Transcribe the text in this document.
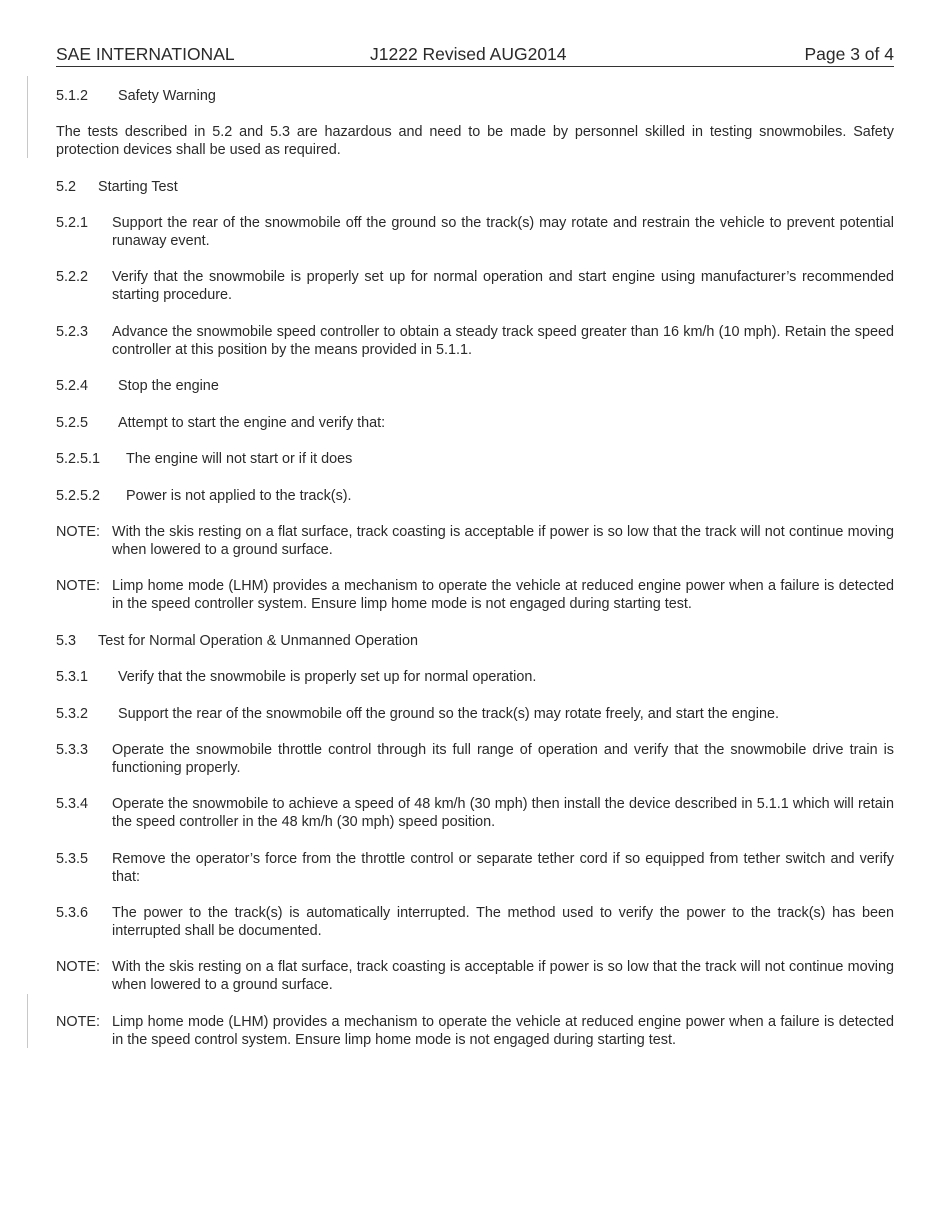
SAE INTERNATIONAL	J1222 Revised AUG2014	Page 3 of 4
5.1.2 Safety Warning
The tests described in 5.2 and 5.3 are hazardous and need to be made by personnel skilled in testing snowmobiles. Safety protection devices shall be used as required.
5.2 Starting Test
5.2.1 Support the rear of the snowmobile off the ground so the track(s) may rotate and restrain the vehicle to prevent potential runaway event.
5.2.2 Verify that the snowmobile is properly set up for normal operation and start engine using manufacturer’s recommended starting procedure.
5.2.3 Advance the snowmobile speed controller to obtain a steady track speed greater than 16 km/h (10 mph). Retain the speed controller at this position by the means provided in 5.1.1.
5.2.4 Stop the engine
5.2.5 Attempt to start the engine and verify that:
5.2.5.1 The engine will not start or if it does
5.2.5.2 Power is not applied to the track(s).
NOTE: With the skis resting on a flat surface, track coasting is acceptable if power is so low that the track will not continue moving when lowered to a ground surface.
NOTE: Limp home mode (LHM) provides a mechanism to operate the vehicle at reduced engine power when a failure is detected in the speed controller system. Ensure limp home mode is not engaged during starting test.
5.3 Test for Normal Operation & Unmanned Operation
5.3.1 Verify that the snowmobile is properly set up for normal operation.
5.3.2 Support the rear of the snowmobile off the ground so the track(s) may rotate freely, and start the engine.
5.3.3 Operate the snowmobile throttle control through its full range of operation and verify that the snowmobile drive train is functioning properly.
5.3.4 Operate the snowmobile to achieve a speed of 48 km/h (30 mph) then install the device described in 5.1.1 which will retain the speed controller in the 48 km/h (30 mph) speed position.
5.3.5 Remove the operator’s force from the throttle control or separate tether cord if so equipped from tether switch and verify that:
5.3.6 The power to the track(s) is automatically interrupted. The method used to verify the power to the track(s) has been interrupted shall be documented.
NOTE: With the skis resting on a flat surface, track coasting is acceptable if power is so low that the track will not continue moving when lowered to a ground surface.
NOTE: Limp home mode (LHM) provides a mechanism to operate the vehicle at reduced engine power when a failure is detected in the speed control system. Ensure limp home mode is not engaged during starting test.
